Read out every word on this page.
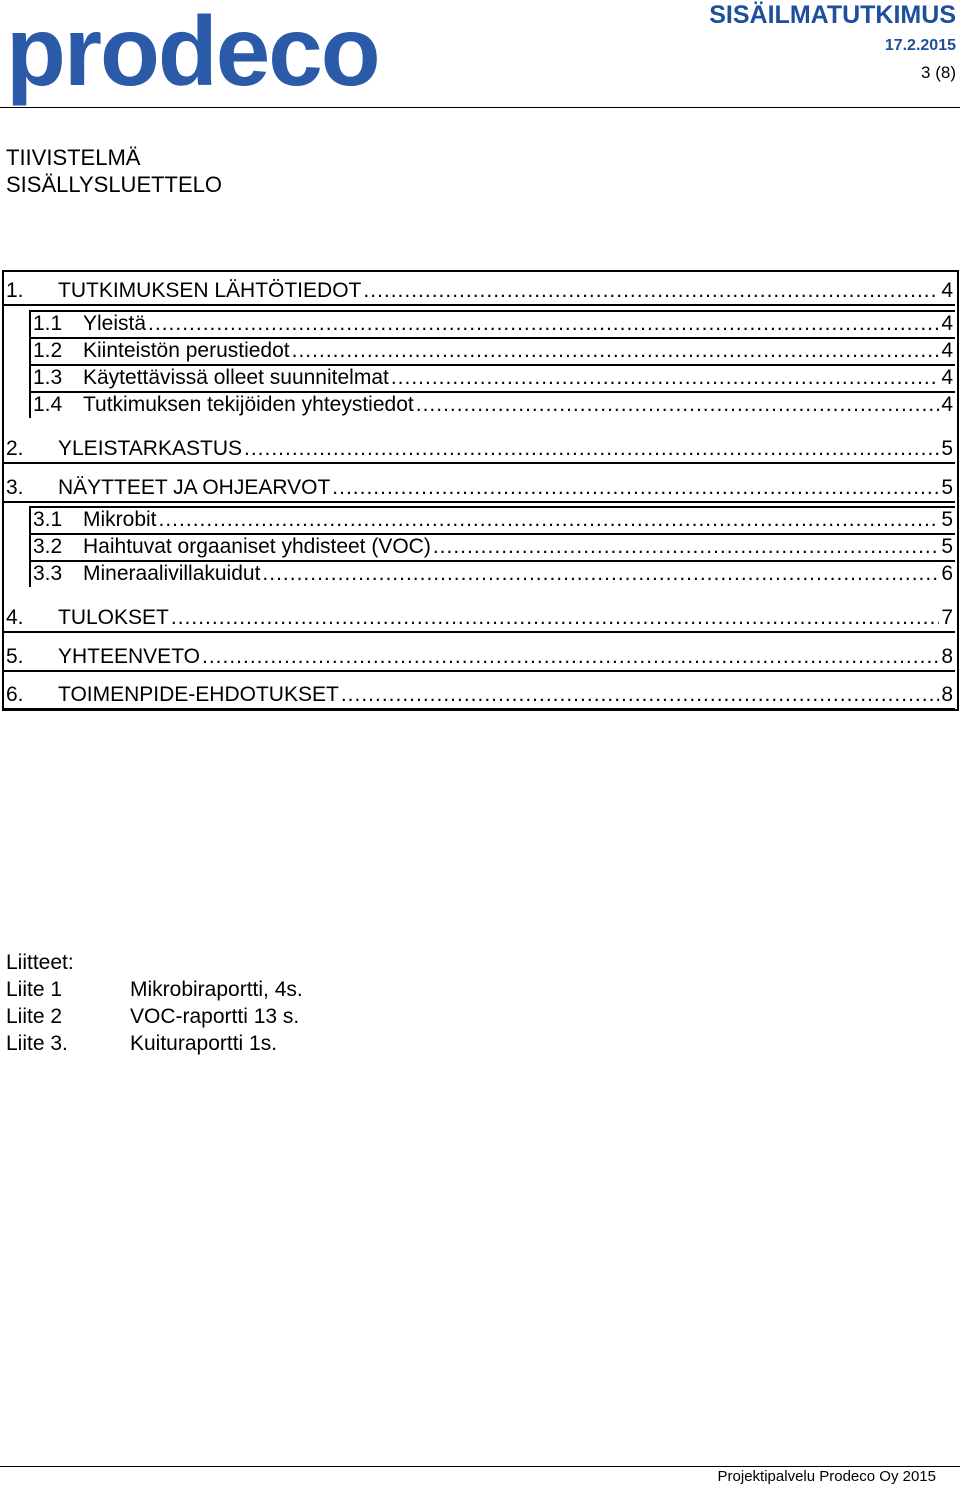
prodeco	SISÄILMATUTKIMUS
17.2.2015
3 (8)
TIIVISTELMÄ
SISÄLLYSLUETTELO
1.	TUTKIMUKSEN LÄHTÖTIEDOT .....	4
1.1 Yleistä .....	4
1.2 Kiinteistön perustiedot .....	4
1.3 Käytettävissä olleet suunnitelmat .....	4
1.4 Tutkimuksen tekijöiden yhteystiedot .....	4
2.	YLEISTARKASTUS .....	5
3.	NÄYTTEET JA OHJEARVOT .....	5
3.1 Mikrobit .....	5
3.2 Haihtuvat orgaaniset yhdisteet (VOC) .....	5
3.3 Mineraalivillakuidut .....	6
4.	TULOKSET .....	7
5.	YHTEENVETO .....	8
6.	TOIMENPIDE-EHDOTUKSET .....	8
Liitteet:
Liite 1	Mikrobiraportti, 4s.
Liite 2	VOC-raportti 13 s.
Liite 3.	Kuituraportti 1s.
Projektipalvelu Prodeco Oy 2015
